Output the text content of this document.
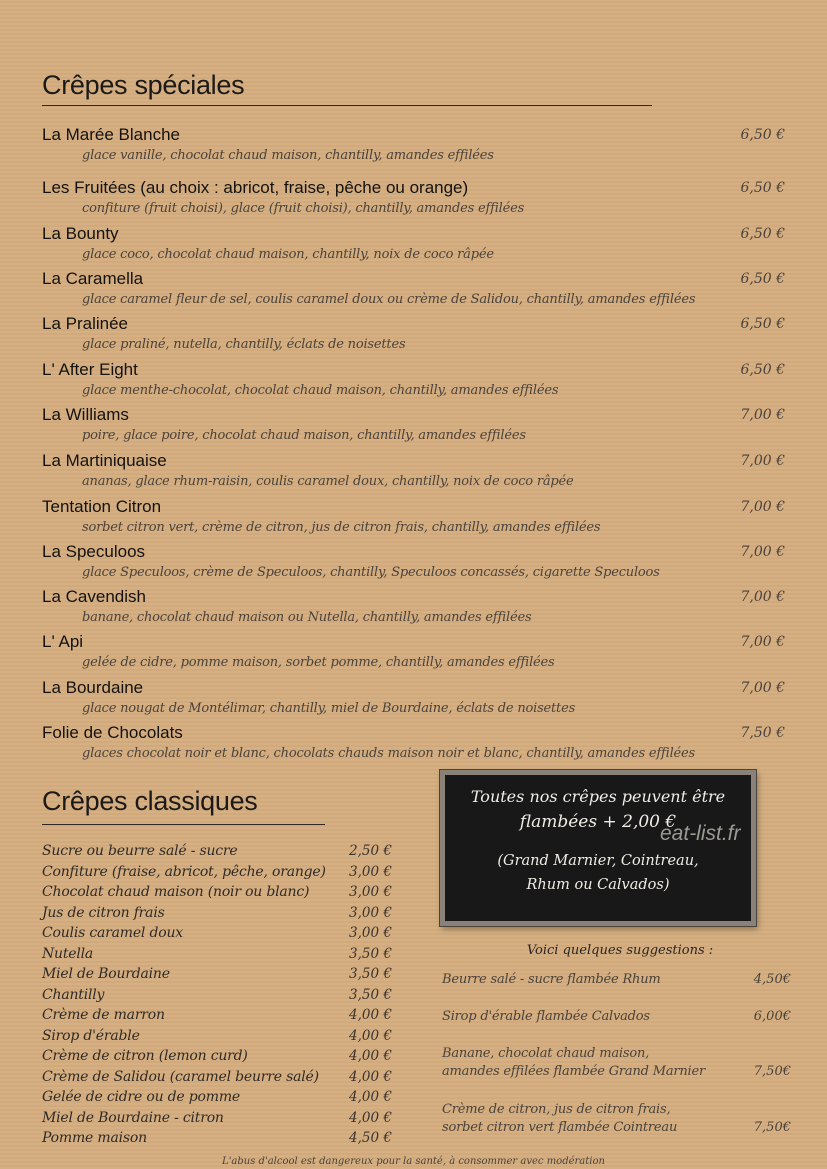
Crêpes spéciales
La Marée Blanche
glace vanille, chocolat chaud maison, chantilly, amandes effilées
6,50 €
Les Fruitées (au choix : abricot, fraise, pêche ou orange)
confiture (fruit choisi), glace (fruit choisi), chantilly, amandes effilées
6,50 €
La Bounty
glace coco, chocolat chaud maison, chantilly, noix de coco râpée
6,50 €
La Caramella
glace caramel fleur de sel, coulis caramel doux ou crème de Salidou, chantilly, amandes effilées
6,50 €
La Pralinée
glace praliné, nutella, chantilly, éclats de noisettes
6,50 €
L' After Eight
glace menthe-chocolat, chocolat chaud maison, chantilly, amandes effilées
6,50 €
La Williams
poire, glace poire, chocolat chaud maison, chantilly, amandes effilées
7,00 €
La Martiniquaise
ananas, glace rhum-raisin, coulis caramel doux, chantilly, noix de coco râpée
7,00 €
Tentation Citron
sorbet citron vert, crème de citron, jus de citron frais, chantilly, amandes effilées
7,00 €
La Speculoos
glace Speculoos, crème de Speculoos, chantilly, Speculoos concassés, cigarette Speculoos
7,00 €
La Cavendish
banane, chocolat chaud maison ou Nutella, chantilly, amandes effilées
7,00 €
L' Api
gelée de cidre, pomme maison, sorbet pomme, chantilly, amandes effilées
7,00 €
La Bourdaine
glace nougat de Montélimar, chantilly, miel de Bourdaine, éclats de noisettes
7,00 €
Folie de Chocolats
glaces chocolat noir et blanc, chocolats chauds maison noir et blanc, chantilly, amandes effilées
7,50 €
Crêpes classiques
Sucre ou beurre salé - sucre	2,50 €
Confiture (fraise, abricot, pêche, orange)	3,00 €
Chocolat chaud maison (noir ou blanc)	3,00 €
Jus de citron frais	3,00 €
Coulis caramel doux	3,00 €
Nutella	3,50 €
Miel de Bourdaine	3,50 €
Chantilly	3,50 €
Crème de marron	4,00 €
Sirop d'érable	4,00 €
Crème de citron (lemon curd)	4,00 €
Crème de Salidou (caramel beurre salé)	4,00 €
Gelée de cidre ou de pomme	4,00 €
Miel de Bourdaine - citron	4,00 €
Pomme maison	4,50 €
Toutes nos crêpes peuvent être
flambées + 2,00 €
(Grand Marnier, Cointreau,
Rhum ou Calvados)
eat-list.fr
Voici quelques suggestions :
Beurre salé - sucre flambée Rhum	4,50€
Sirop d'érable flambée Calvados	6,00€
Banane, chocolat chaud maison,
amandes effilées flambée Grand Marnier	7,50€
Crème de citron, jus de citron frais,
sorbet citron vert flambée Cointreau	7,50€
L'abus d'alcool est dangereux pour la santé, à consommer avec modération
